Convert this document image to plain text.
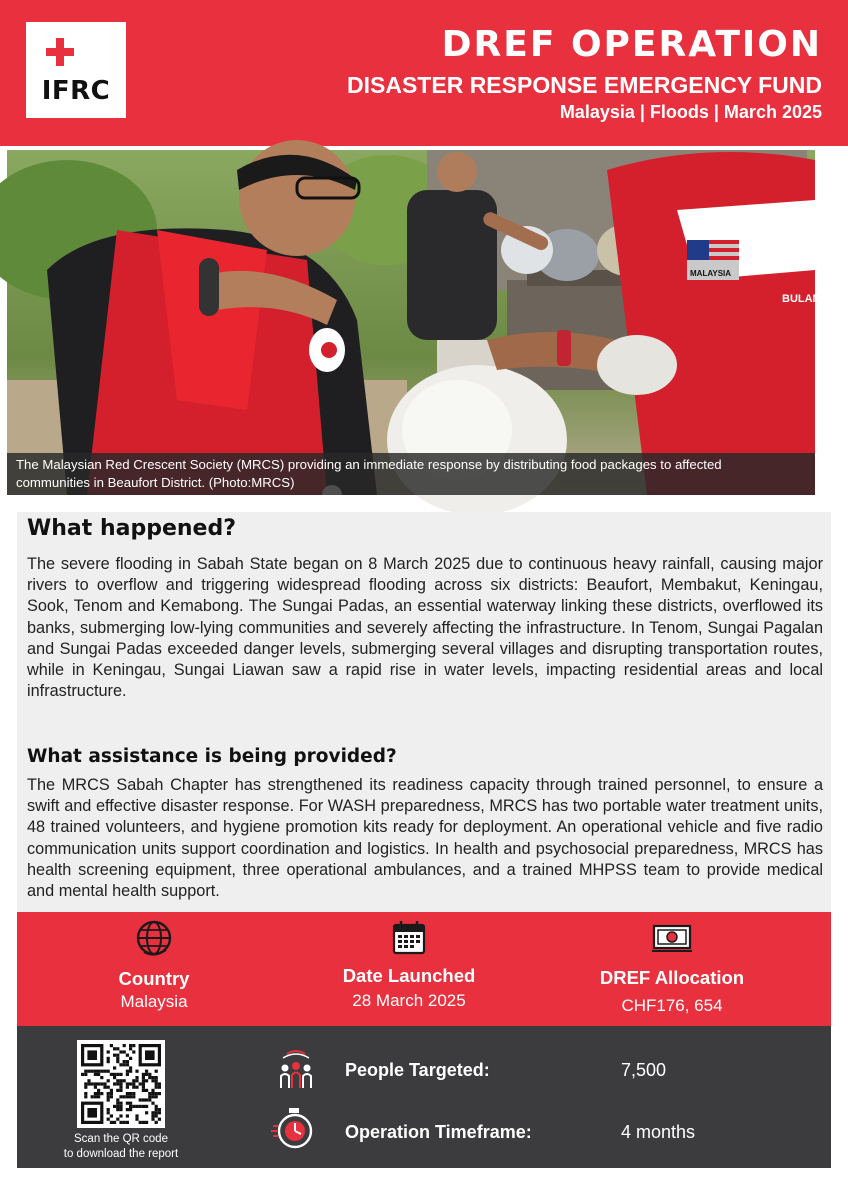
IFRC
DREF OPERATION
DISASTER RESPONSE EMERGENCY FUND
Malaysia | Floods | March 2025
MALAYSIA
BULAN
The Malaysian Red Crescent Society (MRCS) providing an immediate response by distributing food packages to affected
communities in Beaufort District. (Photo:MRCS)
What happened?
The severe flooding in Sabah State began on 8 March 2025 due to continuous heavy rainfall, causing major rivers to overflow and triggering widespread flooding across six districts: Beaufort, Membakut, Keningau, Sook, Tenom and Kemabong. The Sungai Padas, an essential waterway linking these districts, overflowed its banks, submerging low-lying communities and severely affecting the infrastructure. In Tenom, Sungai Pagalan and Sungai Padas exceeded danger levels, submerging several villages and disrupting transportation routes, while in Keningau, Sungai Liawan saw a rapid rise in water levels, impacting residential areas and local infrastructure.
What assistance is being provided?
The MRCS Sabah Chapter has strengthened its readiness capacity through trained personnel, to ensure a swift and effective disaster response. For WASH preparedness, MRCS has two portable water treatment units, 48 trained volunteers, and hygiene promotion kits ready for deployment. An operational vehicle and five radio communication units support coordination and logistics. In health and psychosocial preparedness, MRCS has health screening equipment, three operational ambulances, and a trained MHPSS team to provide medical and mental health support.
Country
Malaysia
Date Launched
28 March 2025
DREF Allocation
CHF176, 654
Scan the QR code
to download the report
People Targeted:	7,500
Operation Timeframe:	4 months
